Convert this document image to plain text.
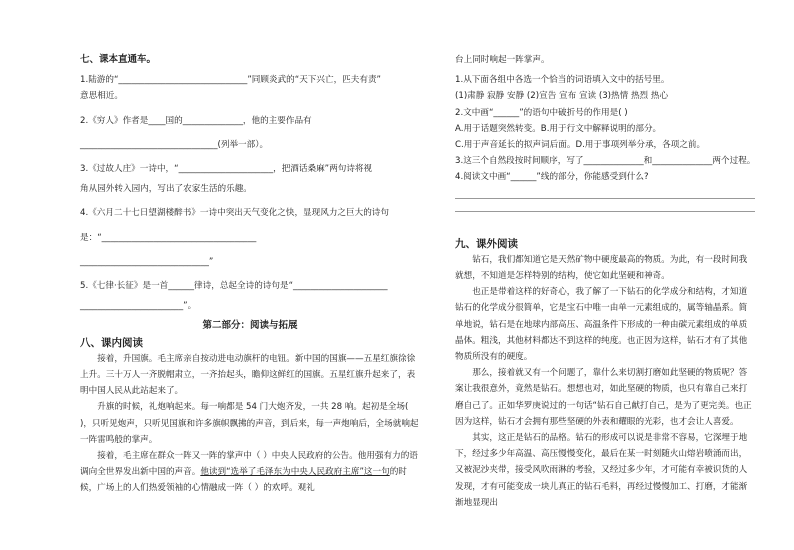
七、课本直通车。

1.陆游的“______________________________”同顾炎武的“天下兴亡，匹夫有责”

意思相近。

2.《穷人》作者是____国的______________，他的主要作品有

________________________________(列举一部）。

3.《过故人庄》一诗中，“______________________，把酒话桑麻”两句诗将视

角从园外转入园内，写出了农家生活的乐趣。

4.《六月二十七日望湖楼醉书》一诗中突出天气变化之快，显现风力之巨大的诗句

是：“____________________________________

______________________________”

5.《七律·长征》是一首______律诗，总起全诗的诗句是“______________________

________________________”。

第二部分：阅读与拓展

八、课内阅读

接着，升国旗。毛主席亲自按动进电动旗杆的电钮。新中国的国旗——五星红旗徐徐上升。三十万人一齐脱帽肃立，一齐抬起头，瞻仰这鲜红的国旗。五星红旗升起来了，表明中国人民从此站起来了。

升旗的时候，礼炮响起来。每一响都是 54 门大炮齐发，一共 28 响。起初是全场( )，只听见炮声，只听见国旗和许多旗帜飘拂的声音，到后来，每一声炮响后，全场就响起一阵雷鸣般的掌声。

接着，毛主席在群众一阵又一阵的掌声中（ ）中央人民政府的公告。他用强有力的语调向全世界发出新中国的声音。他读到“选举了毛泽东为中央人民政府主席”这一句的时候，广场上的人们热爱领袖的心情融成一阵（ ）的欢呼。观礼

台上同时响起一阵掌声。

1.从下面各组中各选一个恰当的词语填入文中的括号里。

(1)肃静 寂静 安静 (2)宣告 宣布 宣读 (3)热情 热烈 热心

2.文中画“______”的语句中破折号的作用是( )

A.用于话题突然转变。B.用于行文中解释说明的部分。

C.用于声音延长的拟声词后面。D.用于事项列举分承，各项之前。

3.这三个自然段按时间顺序，写了______________和______________两个过程。

4.阅读文中画“______”线的部分，你能感受到什么?

九、课外阅读

钻石，我们都知道它是天然矿物中硬度最高的物质。为此，有一段时间我就想，不知道是怎样特别的结构，使它如此坚硬和神奇。

也正是带着这样的好奇心，我了解了一下钻石的化学成分和结构，才知道钻石的化学成分很简单，它是宝石中唯一由单一元素组成的，属等轴晶系。简单地说，钻石是在地球内部高压、高温条件下形成的一种由碳元素组成的单质晶体。粗浅，其他材料都达不到这样的纯度。也正因为这样，钻石才有了其他物质所没有的硬度。

那么，接着就又有一个问题了，靠什么来切割打磨如此坚硬的物质呢？答案让我很意外，竟然是钻石。想想也对，如此坚硬的物质，也只有靠自己来打磨自己了。正如华罗庚说过的一句话“钻石自己献打自己，是为了更完美。也正因为这样，钻石才会拥有那些坚硬的外表和耀眼的光彩，也才会让人喜爱。

其实，这正是钻石的品格。钻石的形成可以说是非常不容易，它深埋于地下，经过多少年高温、高压慢慢变化，最后在某一时刻随火山熔岩喷涌而出，又被泥沙夹带，接受风吹雨淋的考验，又经过多少年，才可能有幸被识货的人发现，才有可能变成一块儿真正的钻石毛料，再经过慢慢加工、打磨，才能渐渐地显现出
